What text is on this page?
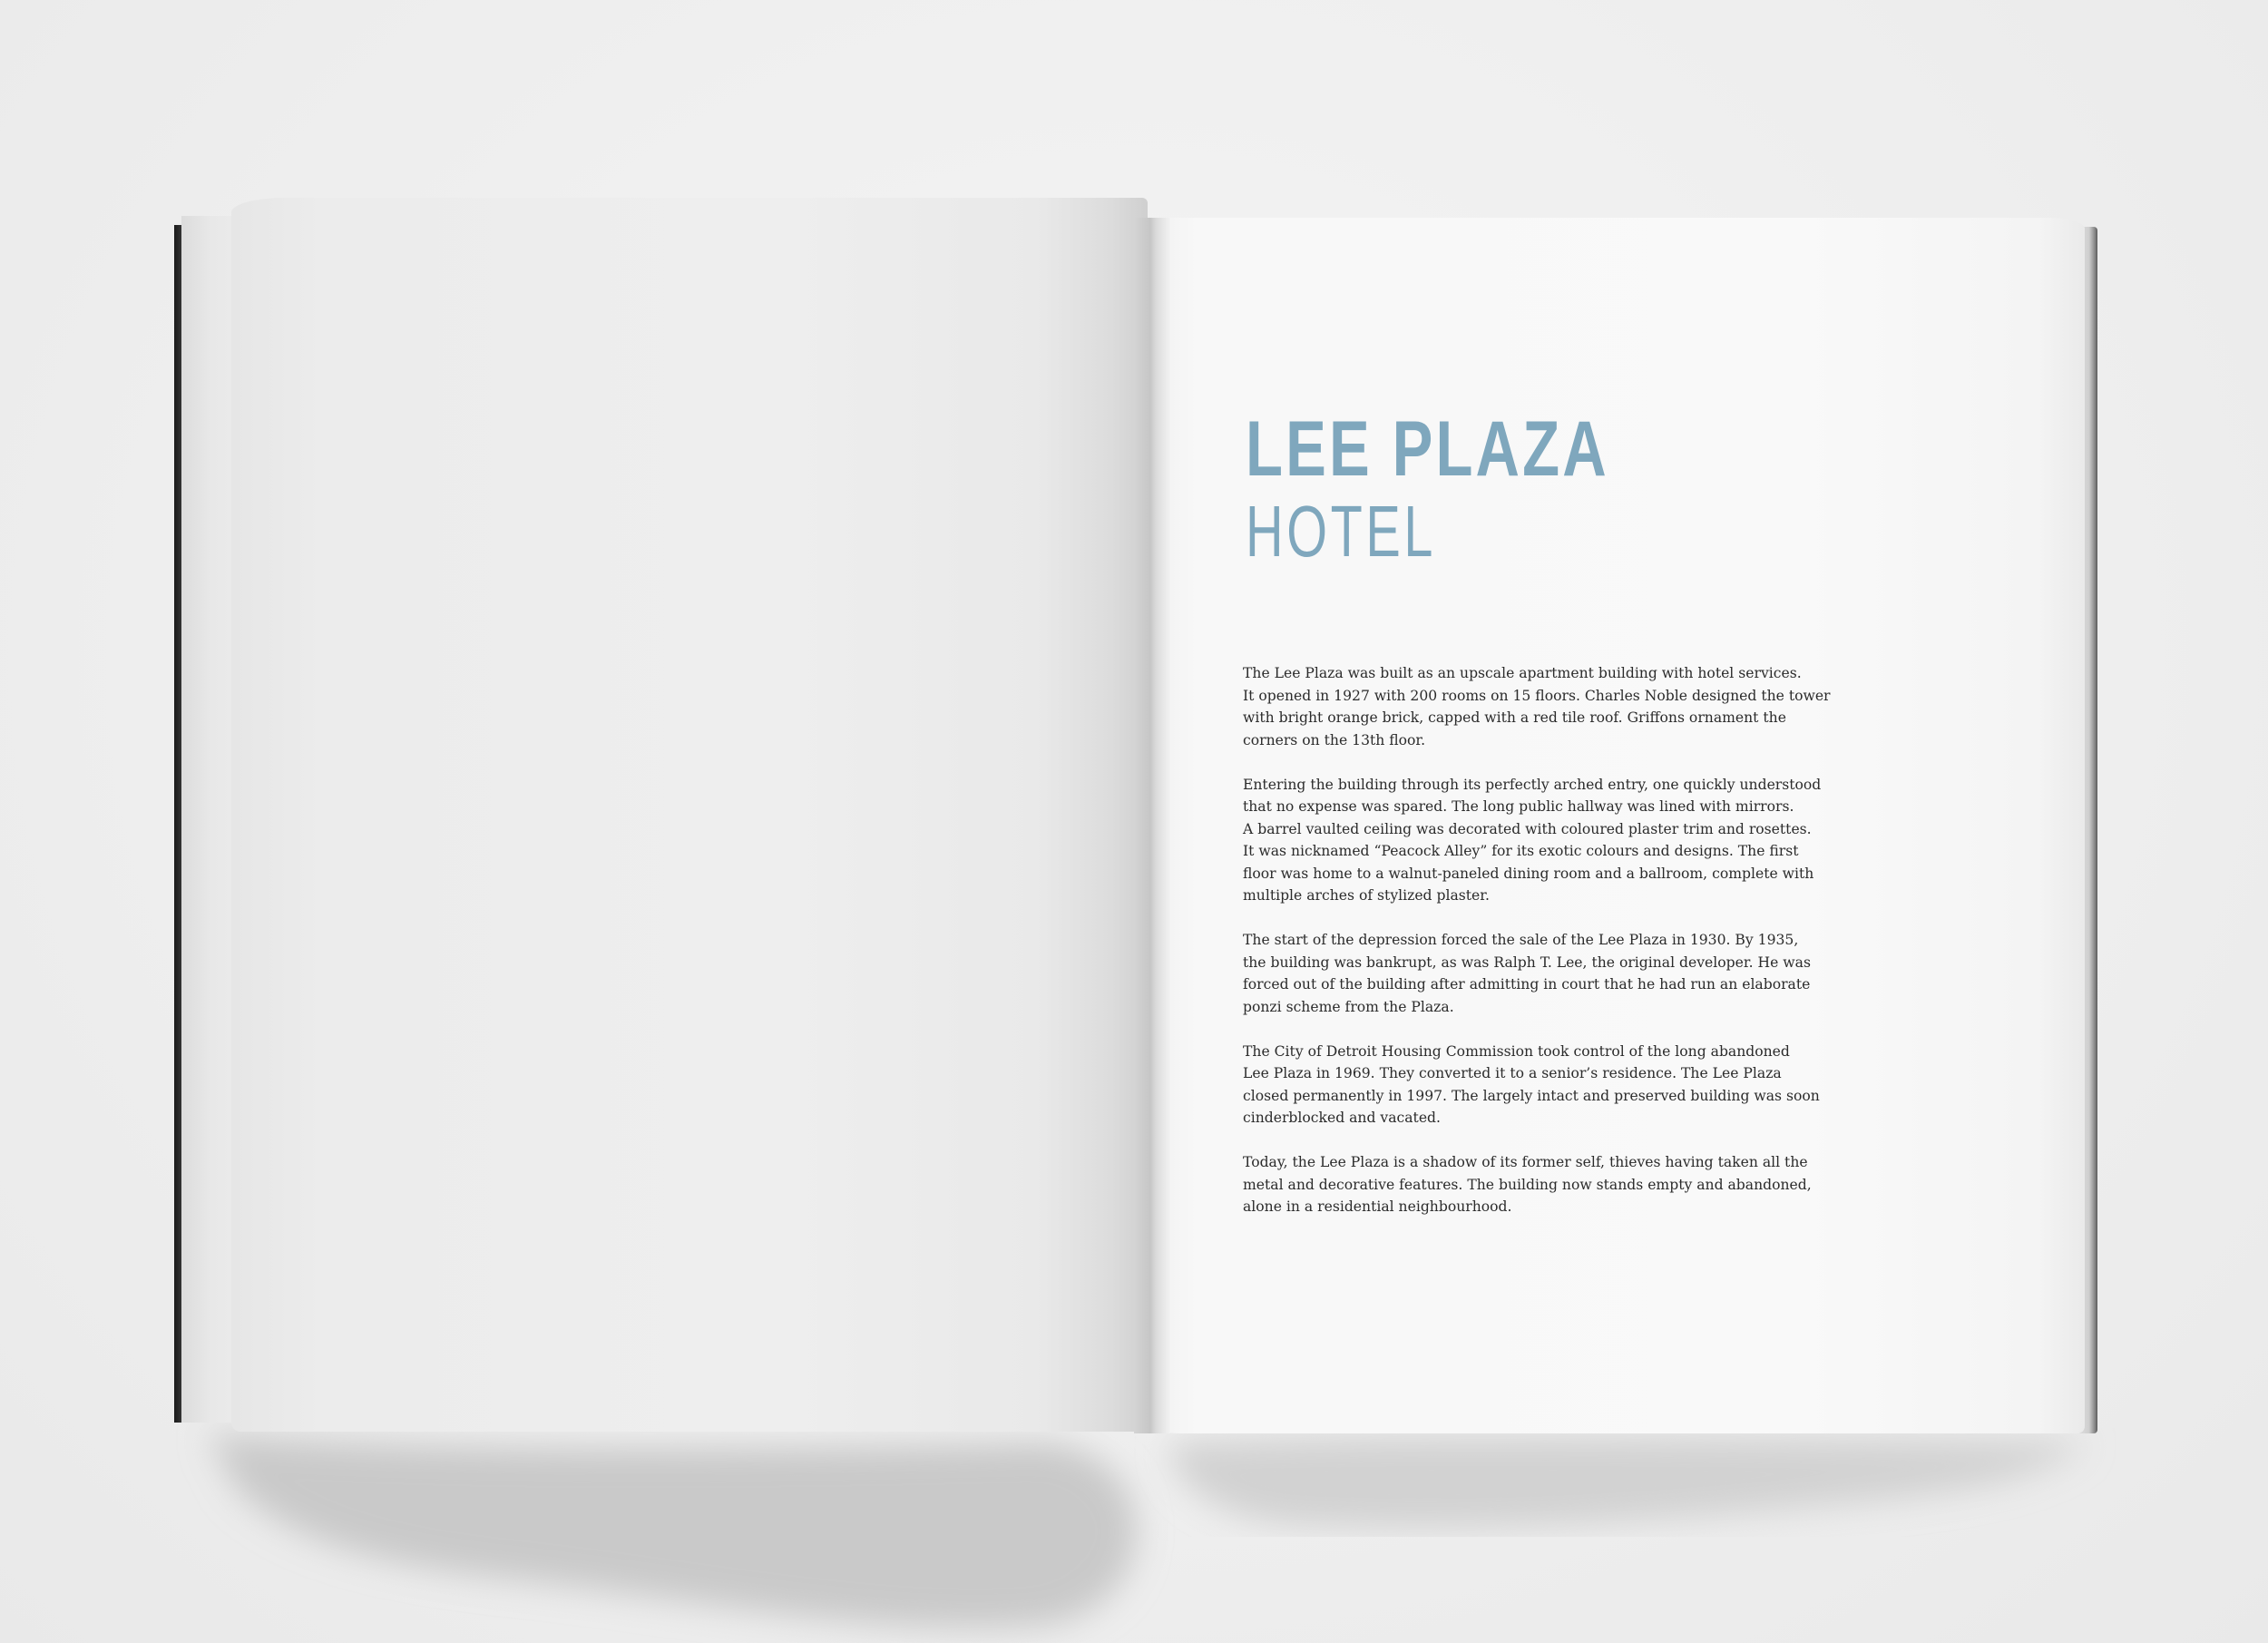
LEE PLAZA
HOTEL

The Lee Plaza was built as an upscale apartment building with hotel services.
It opened in 1927 with 200 rooms on 15 floors. Charles Noble designed the tower
with bright orange brick, capped with a red tile roof. Griffons ornament the
corners on the 13th floor.

Entering the building through its perfectly arched entry, one quickly understood
that no expense was spared. The long public hallway was lined with mirrors.
A barrel vaulted ceiling was decorated with coloured plaster trim and rosettes.
It was nicknamed “Peacock Alley” for its exotic colours and designs. The first
floor was home to a walnut-paneled dining room and a ballroom, complete with
multiple arches of stylized plaster.

The start of the depression forced the sale of the Lee Plaza in 1930. By 1935,
the building was bankrupt, as was Ralph T. Lee, the original developer. He was
forced out of the building after admitting in court that he had run an elaborate
ponzi scheme from the Plaza.

The City of Detroit Housing Commission took control of the long abandoned
Lee Plaza in 1969. They converted it to a senior’s residence. The Lee Plaza
closed permanently in 1997. The largely intact and preserved building was soon
cinderblocked and vacated.

Today, the Lee Plaza is a shadow of its former self, thieves having taken all the
metal and decorative features. The building now stands empty and abandoned,
alone in a residential neighbourhood.
